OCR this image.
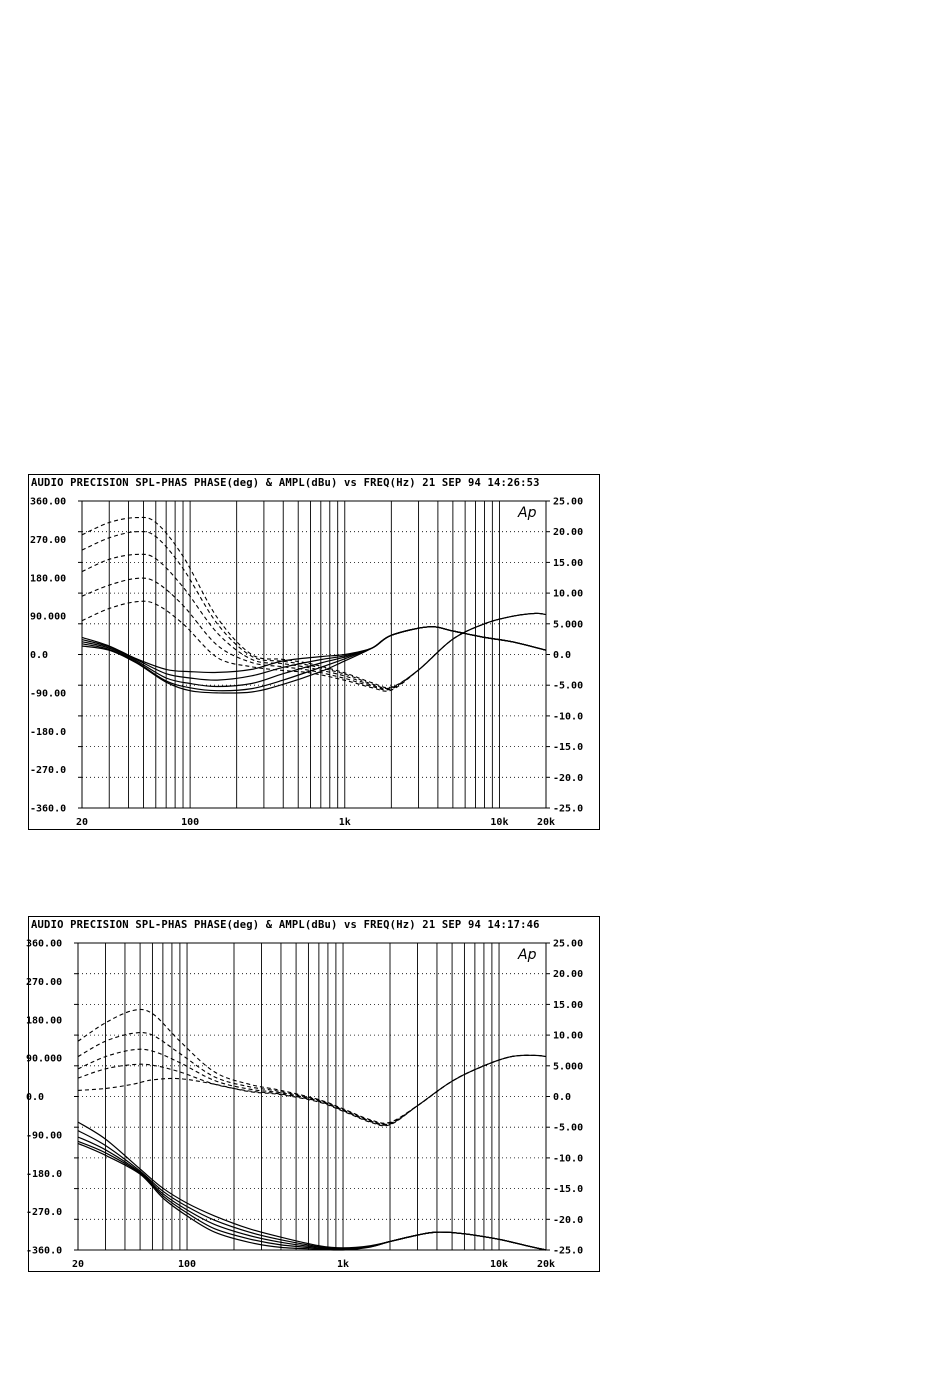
AUDIO PRECISION SPL-PHAS PHASE(deg) & AMPL(dBu) vs FREQ(Hz) 21 SEP 94 14:26:53
360.00
270.00
180.00
90.000
0.0
-90.00
-180.0
-270.0
-360.0
25.00
20.00
15.00
10.00
5.000
0.0
-5.00
-10.0
-15.0
-20.0
-25.0
20	100	1k	10k	20k
Ap
AUDIO PRECISION SPL-PHAS PHASE(deg) & AMPL(dBu) vs FREQ(Hz) 21 SEP 94 14:17:46
360.00
270.00
180.00
90.000
0.0
-90.00
-180.0
-270.0
-360.0
25.00
20.00
15.00
10.00
5.000
0.0
-5.00
-10.0
-15.0
-20.0
-25.0
20	100	1k	10k	20k
Ap
